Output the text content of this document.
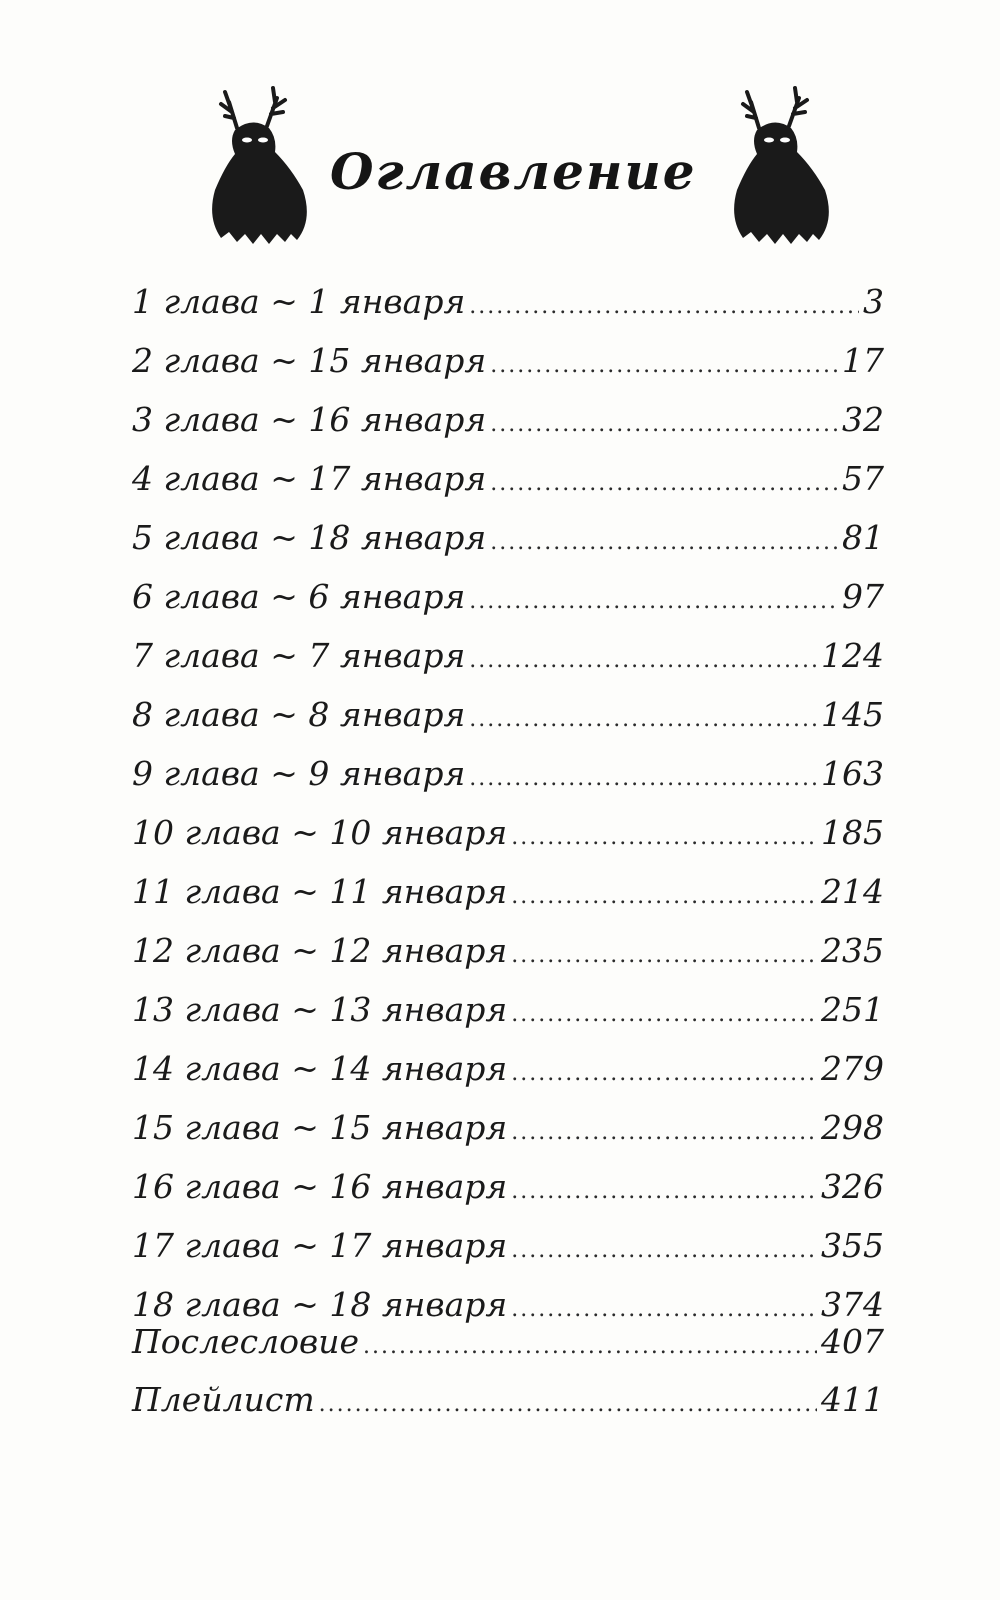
Оглавление
1 глава ~ 1 января .....	3
2 глава ~ 15 января .....	17
3 глава ~ 16 января .....	32
4 глава ~ 17 января .....	57
5 глава ~ 18 января .....	81
6 глава ~ 6 января .....	97
7 глава ~ 7 января .....	124
8 глава ~ 8 января .....	145
9 глава ~ 9 января .....	163
10 глава ~ 10 января .....	185
11 глава ~ 11 января .....	214
12 глава ~ 12 января .....	235
13 глава ~ 13 января .....	251
14 глава ~ 14 января .....	279
15 глава ~ 15 января .....	298
16 глава ~ 16 января .....	326
17 глава ~ 17 января .....	355
18 глава ~ 18 января .....	374
Послесловие .....	407
Плейлист .....	411
